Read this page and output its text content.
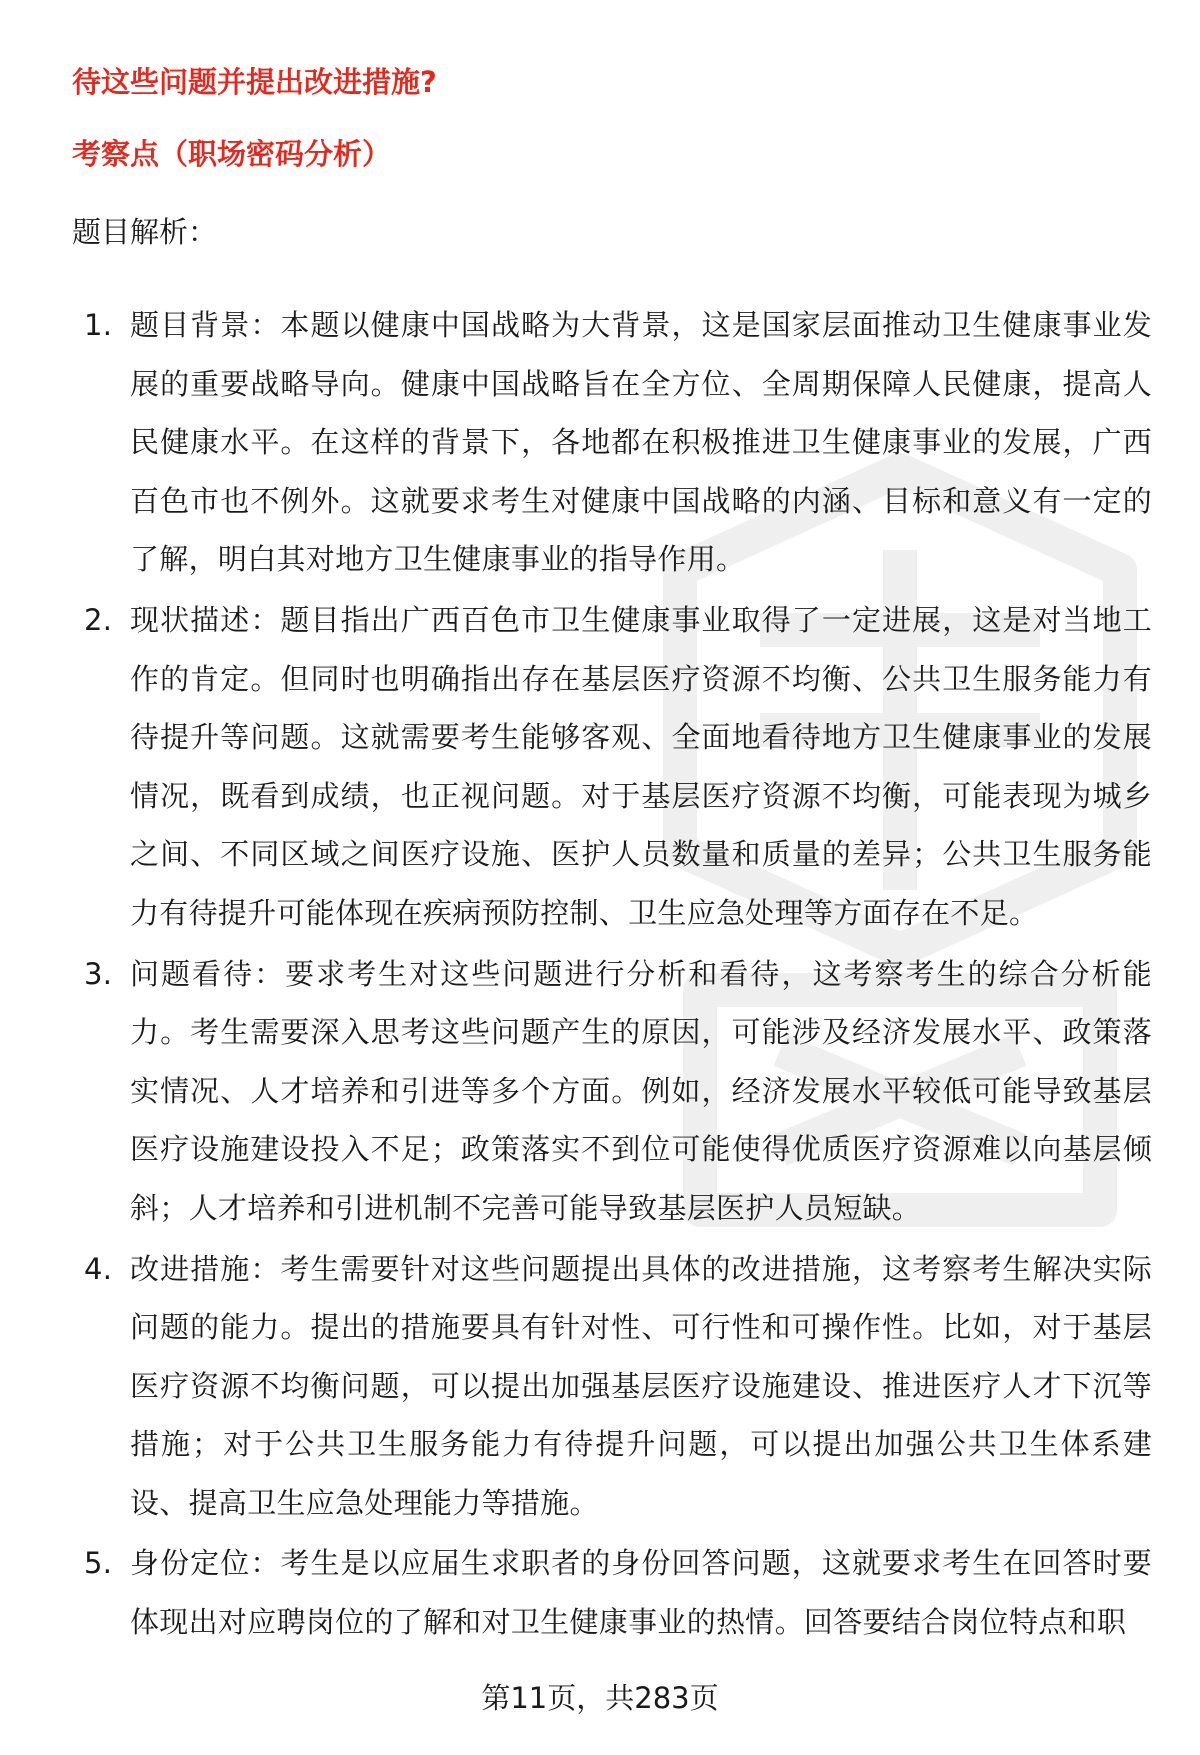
待这些问题并提出改进措施?
考察点（职场密码分析）
题目解析：
1. 题目背景：本题以健康中国战略为大背景，这是国家层面推动卫生健康事业发展的重要战略导向。健康中国战略旨在全方位、全周期保障人民健康，提高人民健康水平。在这样的背景下，各地都在积极推进卫生健康事业的发展，广西百色市也不例外。这就要求考生对健康中国战略的内涵、目标和意义有一定的了解，明白其对地方卫生健康事业的指导作用。
2. 现状描述：题目指出广西百色市卫生健康事业取得了一定进展，这是对当地工作的肯定。但同时也明确指出存在基层医疗资源不均衡、公共卫生服务能力有待提升等问题。这就需要考生能够客观、全面地看待地方卫生健康事业的发展情况，既看到成绩，也正视问题。对于基层医疗资源不均衡，可能表现为城乡之间、不同区域之间医疗设施、医护人员数量和质量的差异；公共卫生服务能力有待提升可能体现在疾病预防控制、卫生应急处理等方面存在不足。
3. 问题看待：要求考生对这些问题进行分析和看待，这考察考生的综合分析能力。考生需要深入思考这些问题产生的原因，可能涉及经济发展水平、政策落实情况、人才培养和引进等多个方面。例如，经济发展水平较低可能导致基层医疗设施建设投入不足；政策落实不到位可能使得优质医疗资源难以向基层倾斜；人才培养和引进机制不完善可能导致基层医护人员短缺。
4. 改进措施：考生需要针对这些问题提出具体的改进措施，这考察考生解决实际问题的能力。提出的措施要具有针对性、可行性和可操作性。比如，对于基层医疗资源不均衡问题，可以提出加强基层医疗设施建设、推进医疗人才下沉等措施；对于公共卫生服务能力有待提升问题，可以提出加强公共卫生体系建设、提高卫生应急处理能力等措施。
5. 身份定位：考生是以应届生求职者的身份回答问题，这就要求考生在回答时要体现出对应聘岗位的了解和对卫生健康事业的热情。回答要结合岗位特点和职
第11页，共283页
